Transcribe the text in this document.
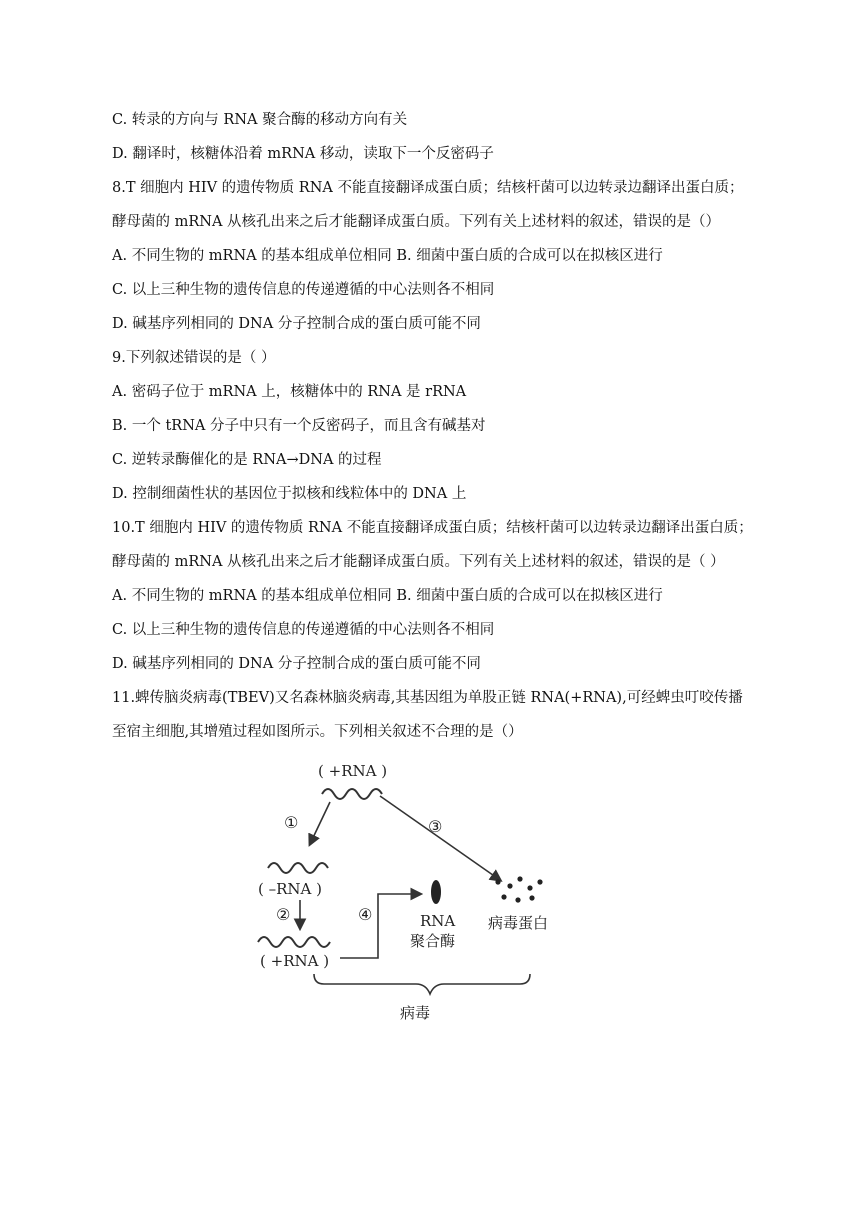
C. 转录的方向与 RNA 聚合酶的移动方向有关
D. 翻译时，核糖体沿着 mRNA 移动，读取下一个反密码子
8.T 细胞内 HIV 的遗传物质 RNA 不能直接翻译成蛋白质；结核杆菌可以边转录边翻译出蛋白质；
酵母菌的 mRNA 从核孔出来之后才能翻译成蛋白质。下列有关上述材料的叙述，错误的是（）
A. 不同生物的 mRNA 的基本组成单位相同 B. 细菌中蛋白质的合成可以在拟核区进行
C. 以上三种生物的遗传信息的传递遵循的中心法则各不相同
D. 碱基序列相同的 DNA 分子控制合成的蛋白质可能不同
9.下列叙述错误的是（ ）
A. 密码子位于 mRNA 上，核糖体中的 RNA 是 rRNA
B. 一个 tRNA 分子中只有一个反密码子，而且含有碱基对
C. 逆转录酶催化的是 RNA→DNA 的过程
D. 控制细菌性状的基因位于拟核和线粒体中的 DNA 上
10.T 细胞内 HIV 的遗传物质 RNA 不能直接翻译成蛋白质；结核杆菌可以边转录边翻译出蛋白质；
酵母菌的 mRNA 从核孔出来之后才能翻译成蛋白质。下列有关上述材料的叙述，错误的是（ ）
A. 不同生物的 mRNA 的基本组成单位相同 B. 细菌中蛋白质的合成可以在拟核区进行
C. 以上三种生物的遗传信息的传递遵循的中心法则各不相同
D. 碱基序列相同的 DNA 分子控制合成的蛋白质可能不同
11.蜱传脑炎病毒(TBEV)又名森林脑炎病毒,其基因组为单股正链 RNA(+RNA),可经蜱虫叮咬传播
至宿主细胞,其增殖过程如图所示。下列相关叙述不合理的是（）
( +RNA )
①	③
( –RNA )
②
( +RNA )
④	RNA
聚合酶
病毒蛋白
病毒
